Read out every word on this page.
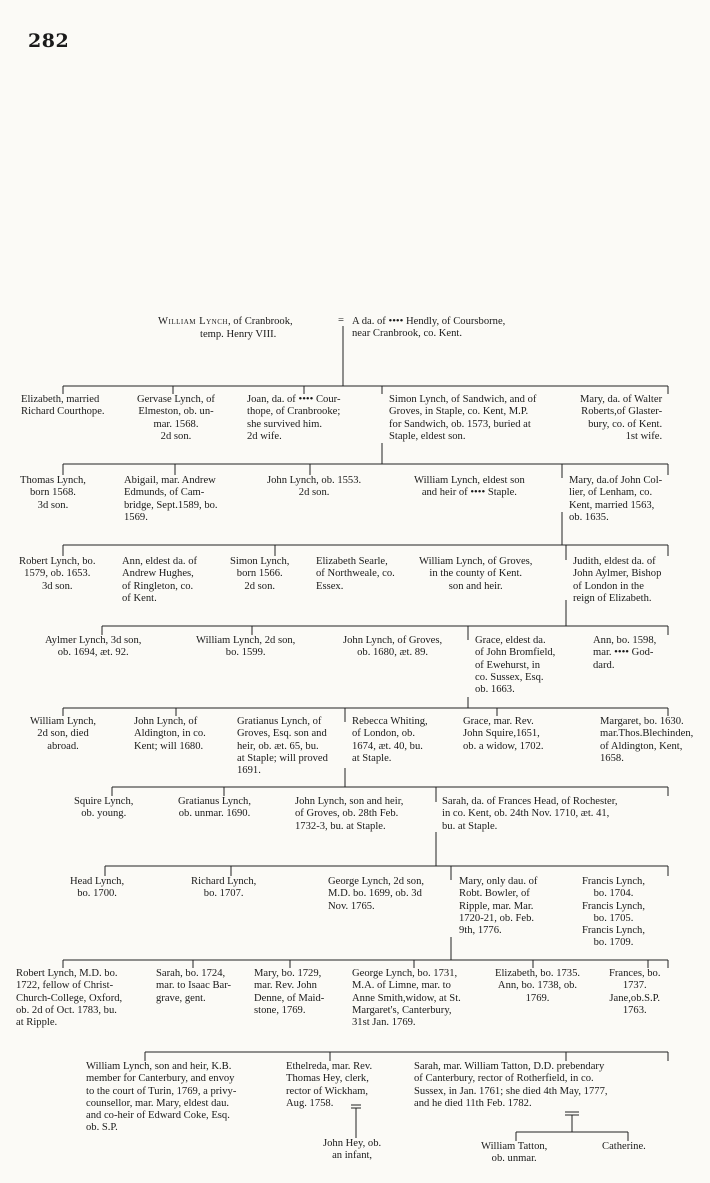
282
William Lynch, of Cranbrook,
temp. Henry VIII.
= A da. of •••• Hendly, of Coursborne,
near Cranbrook, co. Kent.
Elizabeth, married
Richard Courthope.
Gervase Lynch, of
Elmeston, ob. un-
mar. 1568.
2d son.
Joan, da. of •••• Cour-
thope, of Cranbrooke;
she survived him.
2d wife.
Simon Lynch, of Sandwich, and of
Groves, in Staple, co. Kent, M.P.
for Sandwich, ob. 1573, buried at
Staple, eldest son.
Mary, da. of Walter
Roberts,of Glaster-
bury, co. of Kent.
1st wife.
Thomas Lynch,
born 1568.
3d son.
Abigail, mar. Andrew
Edmunds, of Cam-
bridge, Sept.1589, bo.
1569.
John Lynch, ob. 1553.
2d son.
William Lynch, eldest son
and heir of •••• Staple.
Mary, da.of John Col-
lier, of Lenham, co.
Kent, married 1563,
ob. 1635.
Robert Lynch, bo.
1579, ob. 1653.
3d son.
Ann, eldest da. of
Andrew Hughes,
of Ringleton, co.
of Kent.
Simon Lynch,
born 1566.
2d son.
Elizabeth Searle,
of Northweale, co.
Essex.
William Lynch, of Groves,
in the county of Kent.
son and heir.
Judith, eldest da. of
John Aylmer, Bishop
of London in the
reign of Elizabeth.
Aylmer Lynch, 3d son,
ob. 1694, æt. 92.
William Lynch, 2d son,
bo. 1599.
John Lynch, of Groves,
ob. 1680, æt. 89.
Grace, eldest da.
of John Bromfield,
of Ewehurst, in
co. Sussex, Esq.
ob. 1663.
Ann, bo. 1598,
mar. •••• God-
dard.
William Lynch,
2d son, died
abroad.
John Lynch, of
Aldington, in co.
Kent; will 1680.
Gratianus Lynch, of
Groves, Esq. son and
heir, ob. æt. 65, bu.
at Staple; will proved
1691.
Rebecca Whiting,
of London, ob.
1674, æt. 40, bu.
at Staple.
Grace, mar. Rev.
John Squire,1651,
ob. a widow, 1702.
Margaret, bo. 1630.
mar.Thos.Blechinden,
of Aldington, Kent,
1658.
Squire Lynch,
ob. young.
Gratianus Lynch,
ob. unmar. 1690.
John Lynch, son and heir,
of Groves, ob. 28th Feb.
1732-3, bu. at Staple.
Sarah, da. of Frances Head, of Rochester,
in co. Kent, ob. 24th Nov. 1710, æt. 41,
bu. at Staple.
Head Lynch,
bo. 1700.
Richard Lynch,
bo. 1707.
George Lynch, 2d son,
M.D. bo. 1699, ob. 3d
Nov. 1765.
Mary, only dau. of
Robt. Bowler, of
Ripple, mar. Mar.
1720-21, ob. Feb.
9th, 1776.
Francis Lynch,
bo. 1704.
Francis Lynch,
bo. 1705.
Francis Lynch,
bo. 1709.
Robert Lynch, M.D. bo.
1722, fellow of Christ-
Church-College, Oxford,
ob. 2d of Oct. 1783, bu.
at Ripple.
Sarah, bo. 1724,
mar. to Isaac Bar-
grave, gent.
Mary, bo. 1729,
mar. Rev. John
Denne, of Maid-
stone, 1769.
George Lynch, bo. 1731,
M.A. of Limne, mar. to
Anne Smith,widow, at St.
Margaret's, Canterbury,
31st Jan. 1769.
Elizabeth, bo. 1735.
Ann, bo. 1738, ob.
1769.
Frances, bo.
1737.
Jane,ob.S.P.
1763.
William Lynch, son and heir, K.B.
member for Canterbury, and envoy
to the court of Turin, 1769, a privy-
counsellor, mar. Mary, eldest dau.
and co-heir of Edward Coke, Esq.
ob. S.P.
Ethelreda, mar. Rev.
Thomas Hey, clerk,
rector of Wickham,
Aug. 1758.
Sarah, mar. William Tatton, D.D. prebendary
of Canterbury, rector of Rotherfield, in co.
Sussex, in Jan. 1761; she died 4th May, 1777,
and he died 11th Feb. 1782.
John Hey, ob.
an infant,
William Tatton,
ob. unmar.
Catherine.
